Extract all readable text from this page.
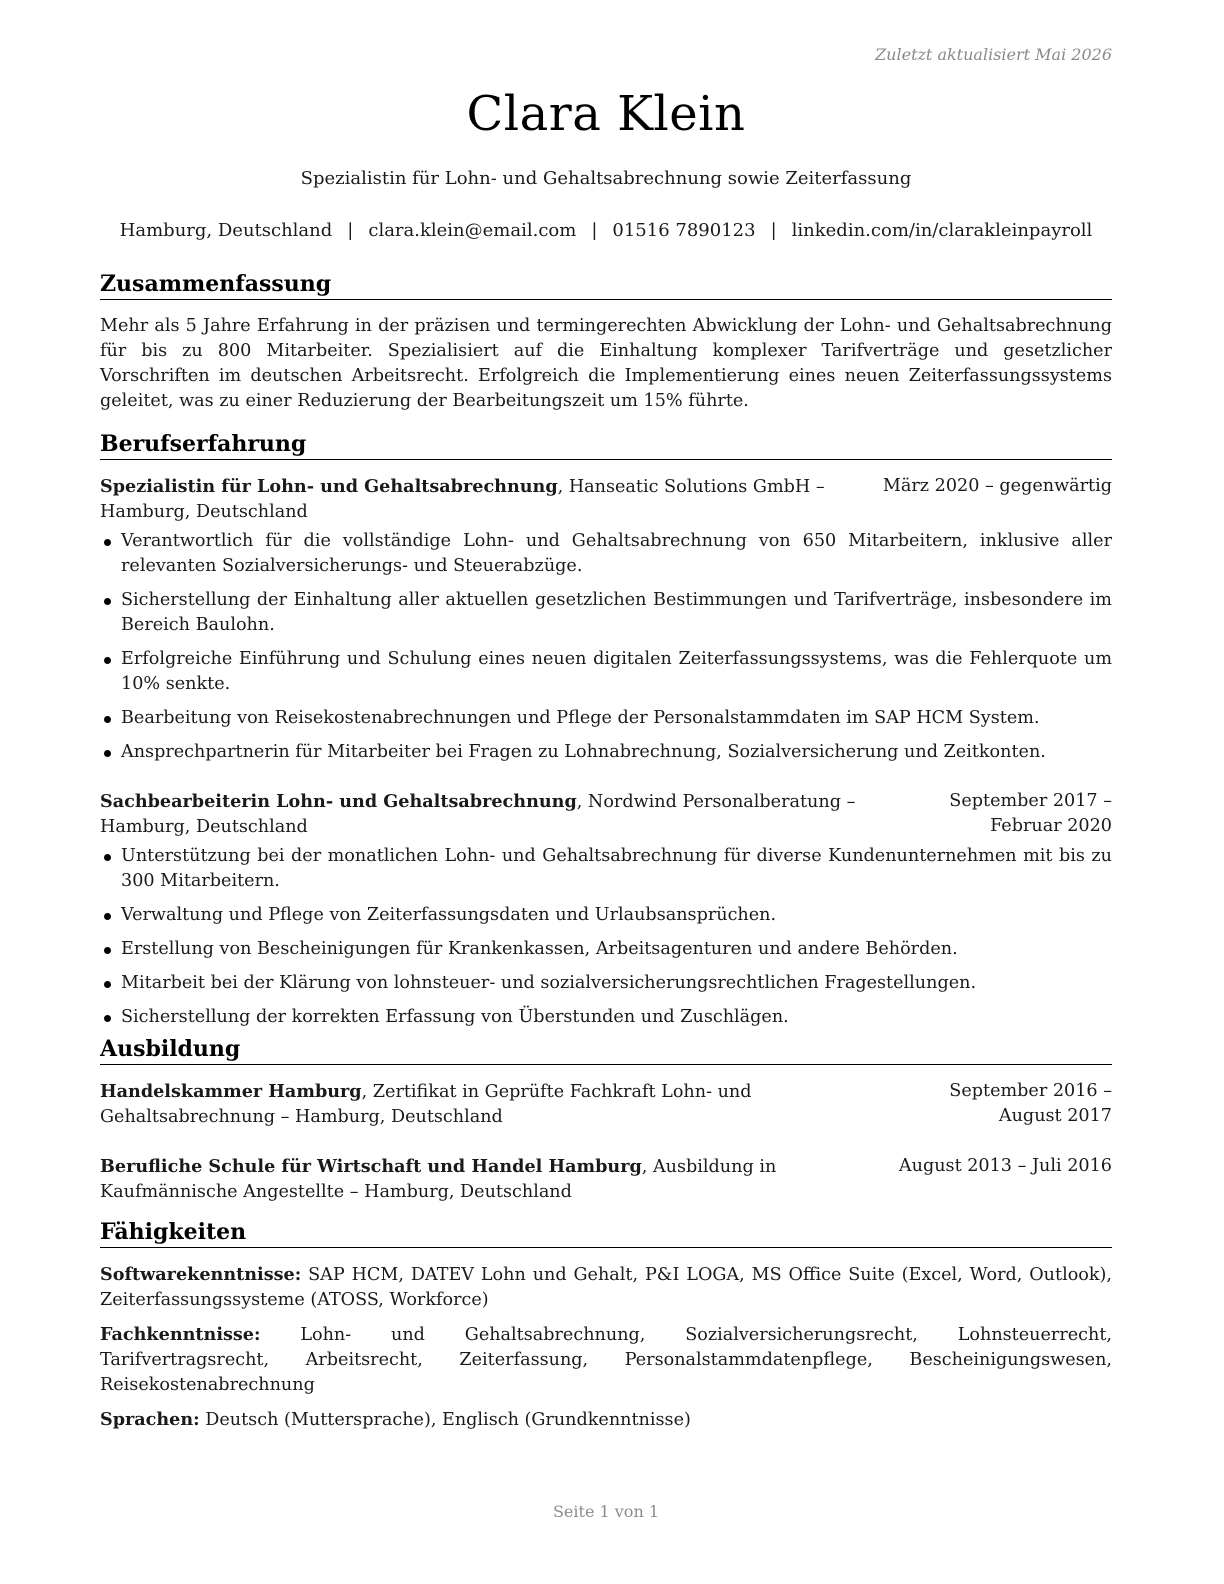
Zuletzt aktualisiert Mai 2026
Clara Klein
Spezialistin für Lohn- und Gehaltsabrechnung sowie Zeiterfassung
Hamburg, Deutschland | clara.klein@email.com | 01516 7890123 | linkedin.com/in/clarakleinpayroll
Zusammenfassung

Mehr als 5 Jahre Erfahrung in der präzisen und termingerechten Abwicklung der Lohn- und Gehaltsabrechnung für bis zu 800 Mitarbeiter. Spezialisiert auf die Einhaltung komplexer Tarifverträge und gesetzlicher Vorschriften im deutschen Arbeitsrecht. Erfolgreich die Implementierung eines neuen Zeiterfassungssystems geleitet, was zu einer Reduzierung der Bearbeitungszeit um 15% führte.

Berufserfahrung
Spezialistin für Lohn- und Gehaltsabrechnung, Hanseatic Solutions GmbH – Hamburg, Deutschland
März 2020 – gegenwärtig
Verantwortlich für die vollständige Lohn- und Gehaltsabrechnung von 650 Mitarbeitern, inklusive aller relevanten Sozialversicherungs- und Steuerabzüge.
Sicherstellung der Einhaltung aller aktuellen gesetzlichen Bestimmungen und Tarifverträge, insbesondere im Bereich Baulohn.
Erfolgreiche Einführung und Schulung eines neuen digitalen Zeiterfassungssystems, was die Fehlerquote um 10% senkte.
Bearbeitung von Reisekostenabrechnungen und Pflege der Personalstammdaten im SAP HCM System.
Ansprechpartnerin für Mitarbeiter bei Fragen zu Lohnabrechnung, Sozialversicherung und Zeitkonten.
Sachbearbeiterin Lohn- und Gehaltsabrechnung, Nordwind Personalberatung – Hamburg, Deutschland
September 2017 – Februar 2020
Unterstützung bei der monatlichen Lohn- und Gehaltsabrechnung für diverse Kundenunternehmen mit bis zu 300 Mitarbeitern.
Verwaltung und Pflege von Zeiterfassungsdaten und Urlaubsansprüchen.
Erstellung von Bescheinigungen für Krankenkassen, Arbeitsagenturen und andere Behörden.
Mitarbeit bei der Klärung von lohnsteuer- und sozialversicherungsrechtlichen Fragestellungen.
Sicherstellung der korrekten Erfassung von Überstunden und Zuschlägen.
Ausbildung
Handelskammer Hamburg, Zertifikat in Geprüfte Fachkraft Lohn- und Gehaltsabrechnung – Hamburg, Deutschland
September 2016 – August 2017
Berufliche Schule für Wirtschaft und Handel Hamburg, Ausbildung in Kaufmännische Angestellte – Hamburg, Deutschland
August 2013 – Juli 2016
Fähigkeiten

Softwarekenntnisse: SAP HCM, DATEV Lohn und Gehalt, P&I LOGA, MS Office Suite (Excel, Word, Outlook), Zeiterfassungssysteme (ATOSS, Workforce)

Fachkenntnisse: Lohn- und Gehaltsabrechnung, Sozialversicherungsrecht, Lohnsteuerrecht, Tarifvertragsrecht, Arbeitsrecht, Zeiterfassung, Personalstammdatenpflege, Bescheinigungswesen, Reisekostenabrechnung

Sprachen: Deutsch (Muttersprache), Englisch (Grundkenntnisse)

Seite 1 von 1
